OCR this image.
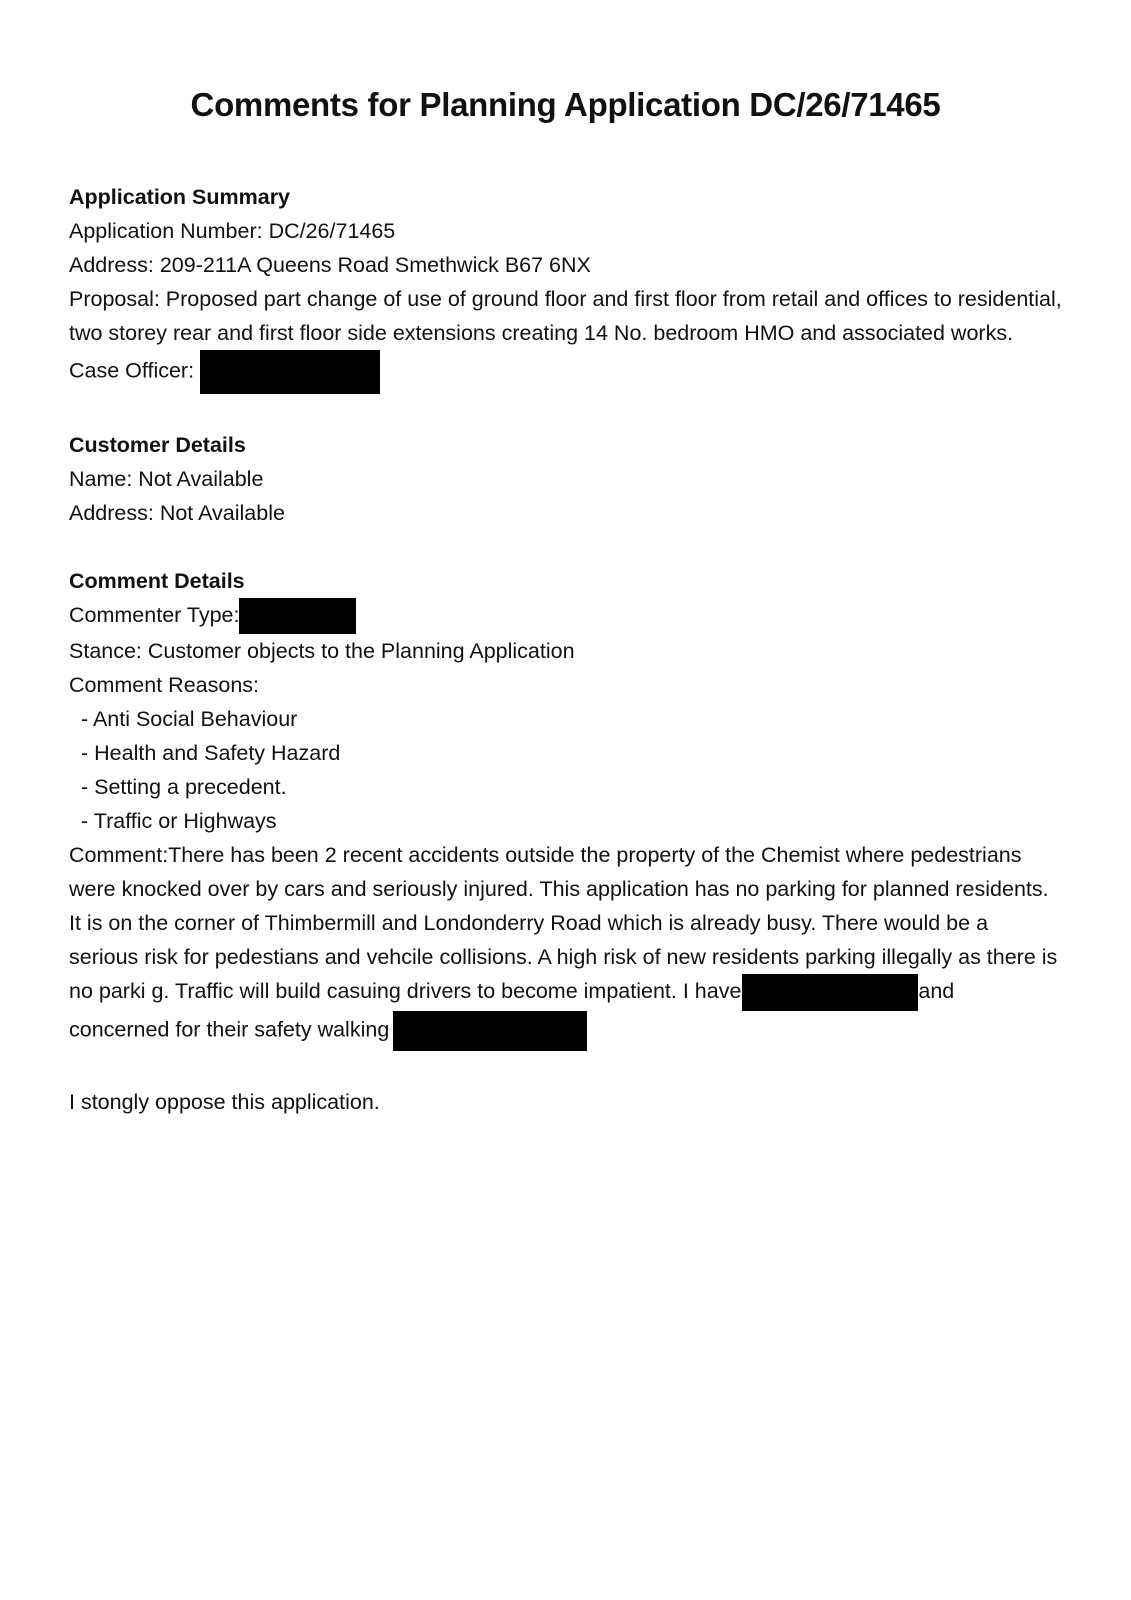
Comments for Planning Application DC/26/71465

Application Summary

Application Number: DC/26/71465

Address: 209-211A Queens Road Smethwick B67 6NX

Proposal: Proposed part change of use of ground floor and first floor from retail and offices to residential, two storey rear and first floor side extensions creating 14 No. bedroom HMO and associated works.

Case Officer:

Customer Details

Name: Not Available

Address: Not Available

Comment Details

Commenter Type:

Stance: Customer objects to the Planning Application

Comment Reasons:

- Anti Social Behaviour

- Health and Safety Hazard

- Setting a precedent.

- Traffic or Highways

Comment:There has been 2 recent accidents outside the property of the Chemist where pedestrians were knocked over by cars and seriously injured. This application has no parking for planned residents. It is on the corner of Thimbermill and Londonderry Road which is already busy. There would be a serious risk for pedestians and vehcile collisions. A high risk of new residents parking illegally as there is no parki g. Traffic will build casuing drivers to become impatient. I have	and concerned for their safety walking

I stongly oppose this application.
